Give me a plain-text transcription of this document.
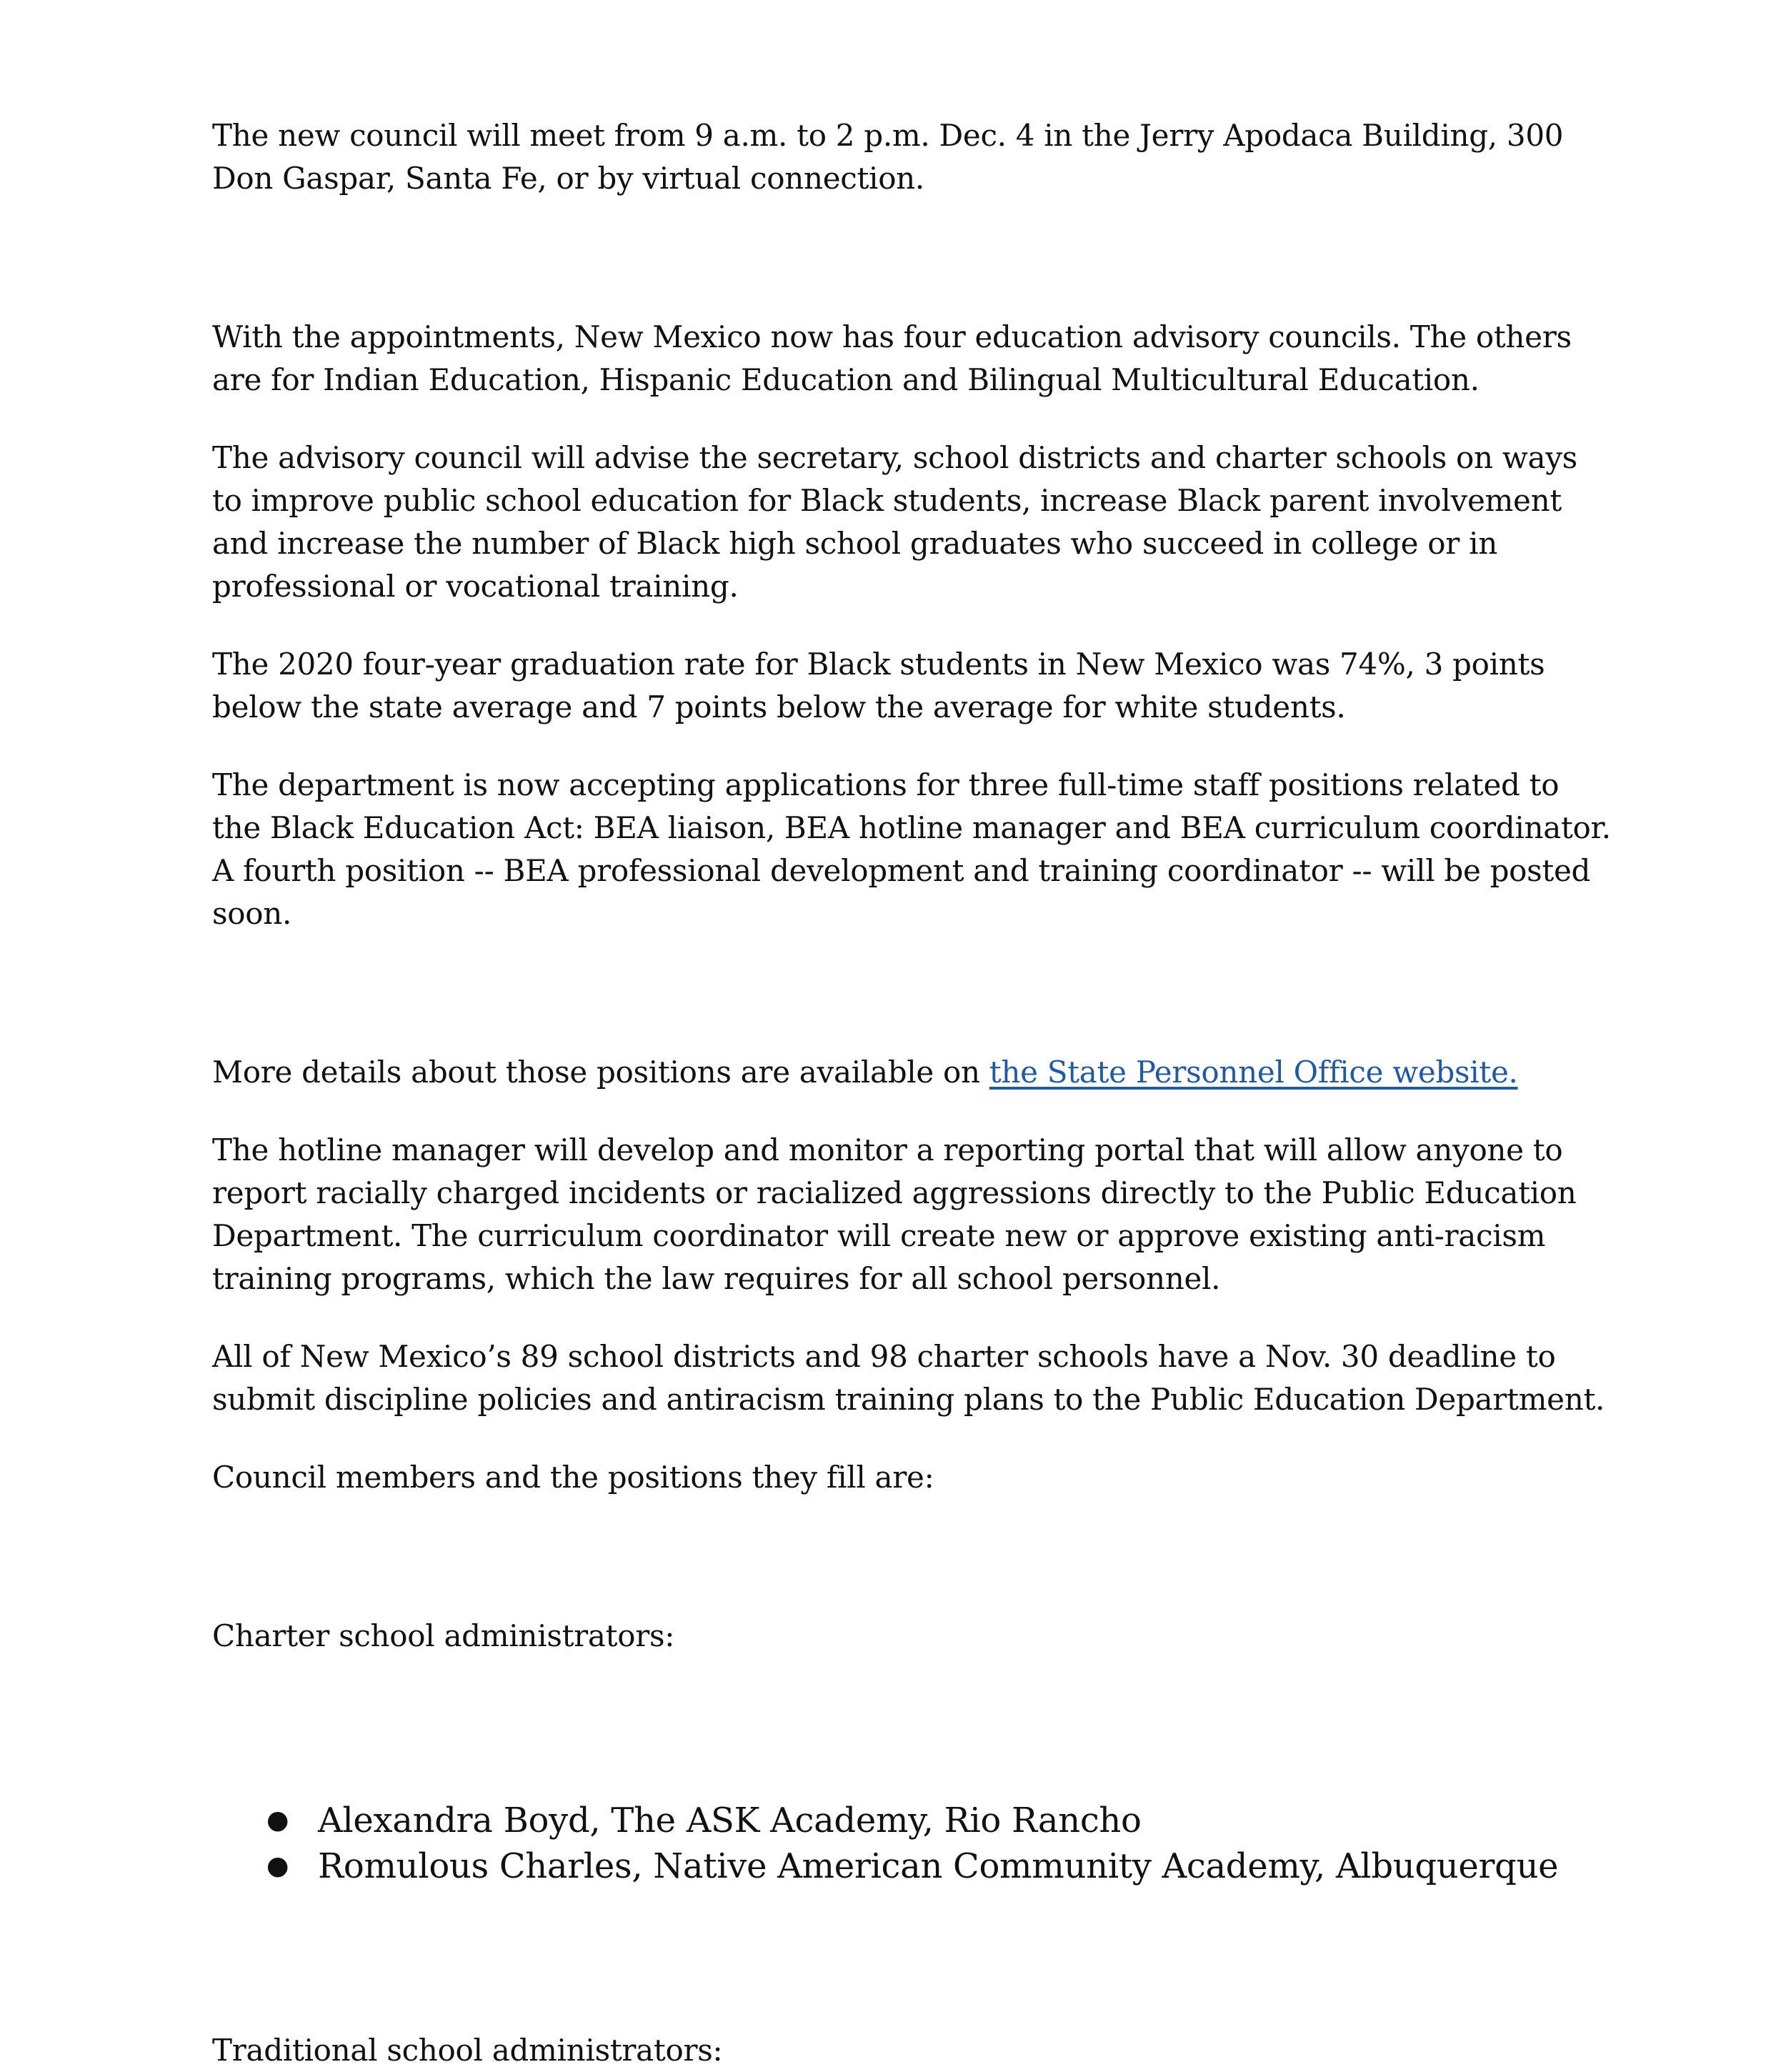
The new council will meet from 9 a.m. to 2 p.m. Dec. 4 in the Jerry Apodaca Building, 300 Don Gaspar, Santa Fe, or by virtual connection.

With the appointments, New Mexico now has four education advisory councils. The others are for Indian Education, Hispanic Education and Bilingual Multicultural Education.

The advisory council will advise the secretary, school districts and charter schools on ways to improve public school education for Black students, increase Black parent involvement and increase the number of Black high school graduates who succeed in college or in professional or vocational training.

The 2020 four-year graduation rate for Black students in New Mexico was 74%, 3 points below the state average and 7 points below the average for white students.

The department is now accepting applications for three full-time staff positions related to the Black Education Act: BEA liaison, BEA hotline manager and BEA curriculum coordinator. A fourth position -- BEA professional development and training coordinator -- will be posted soon.

More details about those positions are available on the State Personnel Office website.

The hotline manager will develop and monitor a reporting portal that will allow anyone to report racially charged incidents or racialized aggressions directly to the Public Education Department. The curriculum coordinator will create new or approve existing anti-racism training programs, which the law requires for all school personnel.

All of New Mexico’s 89 school districts and 98 charter schools have a Nov. 30 deadline to submit discipline policies and antiracism training plans to the Public Education Department.

Council members and the positions they fill are:

Charter school administrators:

● Alexandra Boyd, The ASK Academy, Rio Rancho
● Romulous Charles, Native American Community Academy, Albuquerque

Traditional school administrators:
